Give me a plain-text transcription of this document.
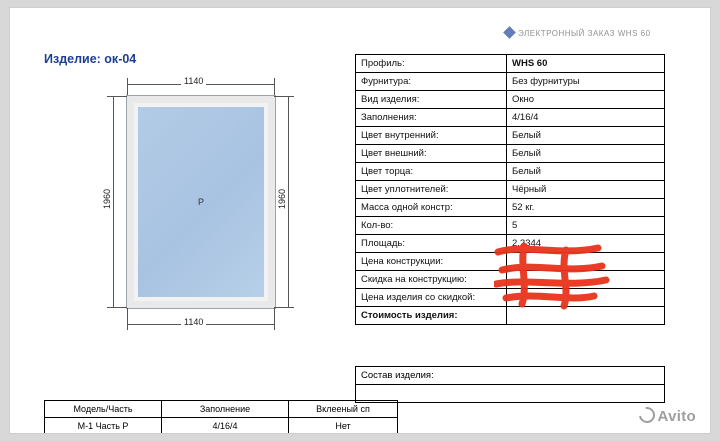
ЭЛЕКТРОННЫЙ ЗАКАЗ WHS 60
Изделие: ок-04
1140
Р
1960	1960
1140
Профиль:	WHS 60
Фурнитура:	Без фурнитуры
Вид изделия:	Окно
Заполнения:	4/16/4
Цвет внутренний:	Белый
Цвет внешний:	Белый
Цвет торца:	Белый
Цвет уплотнителей:	Чёрный
Масса одной констр:	52 кг.
Кол-во:	5
Площадь:	2.2344
Цена конструкции:	
Скидка на конструкцию:	
Цена изделия со скидкой:	
Стоимость изделия:	
Состав изделия:

Модель/Часть	Заполнение	Вклееный сп
М-1 Часть Р	4/16/4	Нет
Avito
